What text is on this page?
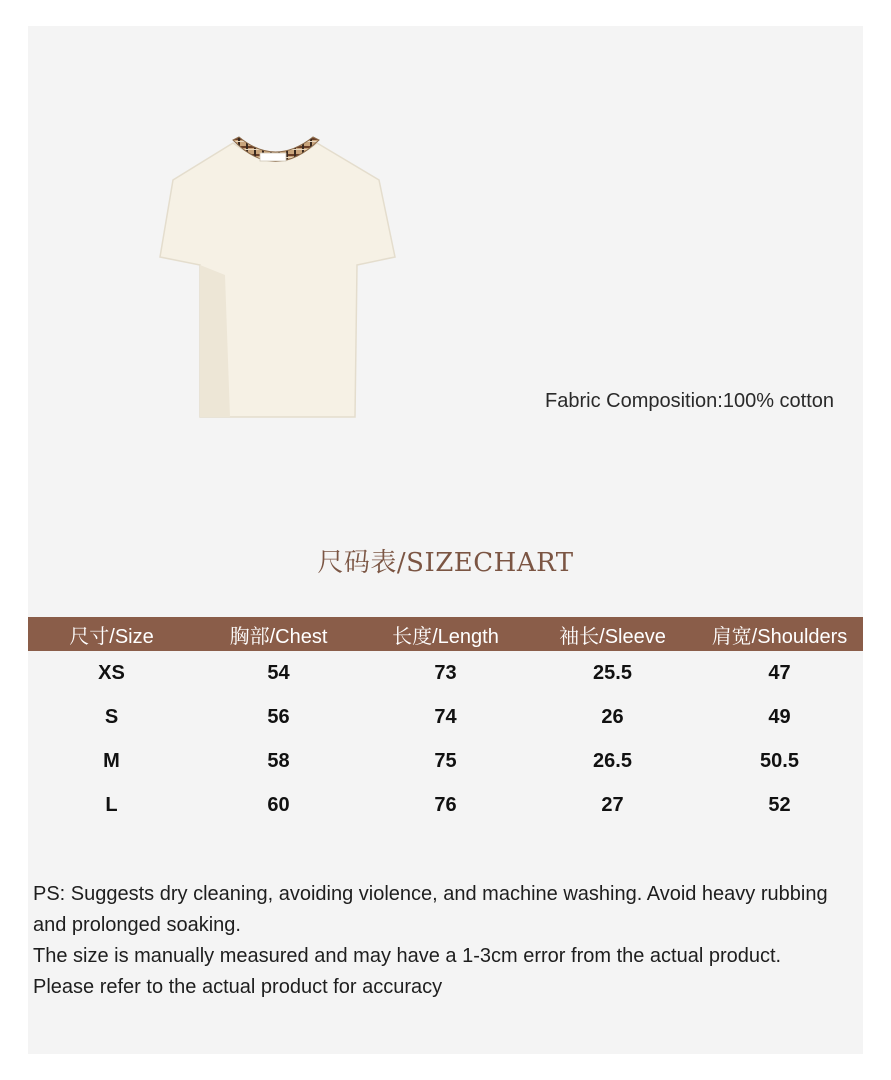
Fabric Composition:100% cotton
尺码表/SIZECHART
尺寸/Size	胸部/Chest	长度/Length	袖长/Sleeve	肩宽/Shoulders
XS	54	73	25.5	47
S	56	74	26	49
M	58	75	26.5	50.5
L	60	76	27	52

PS: Suggests dry cleaning, avoiding violence, and machine washing. Avoid heavy rubbing and prolonged soaking.

The size is manually measured and may have a 1-3cm error from the actual product.

Please refer to the actual product for accuracy
